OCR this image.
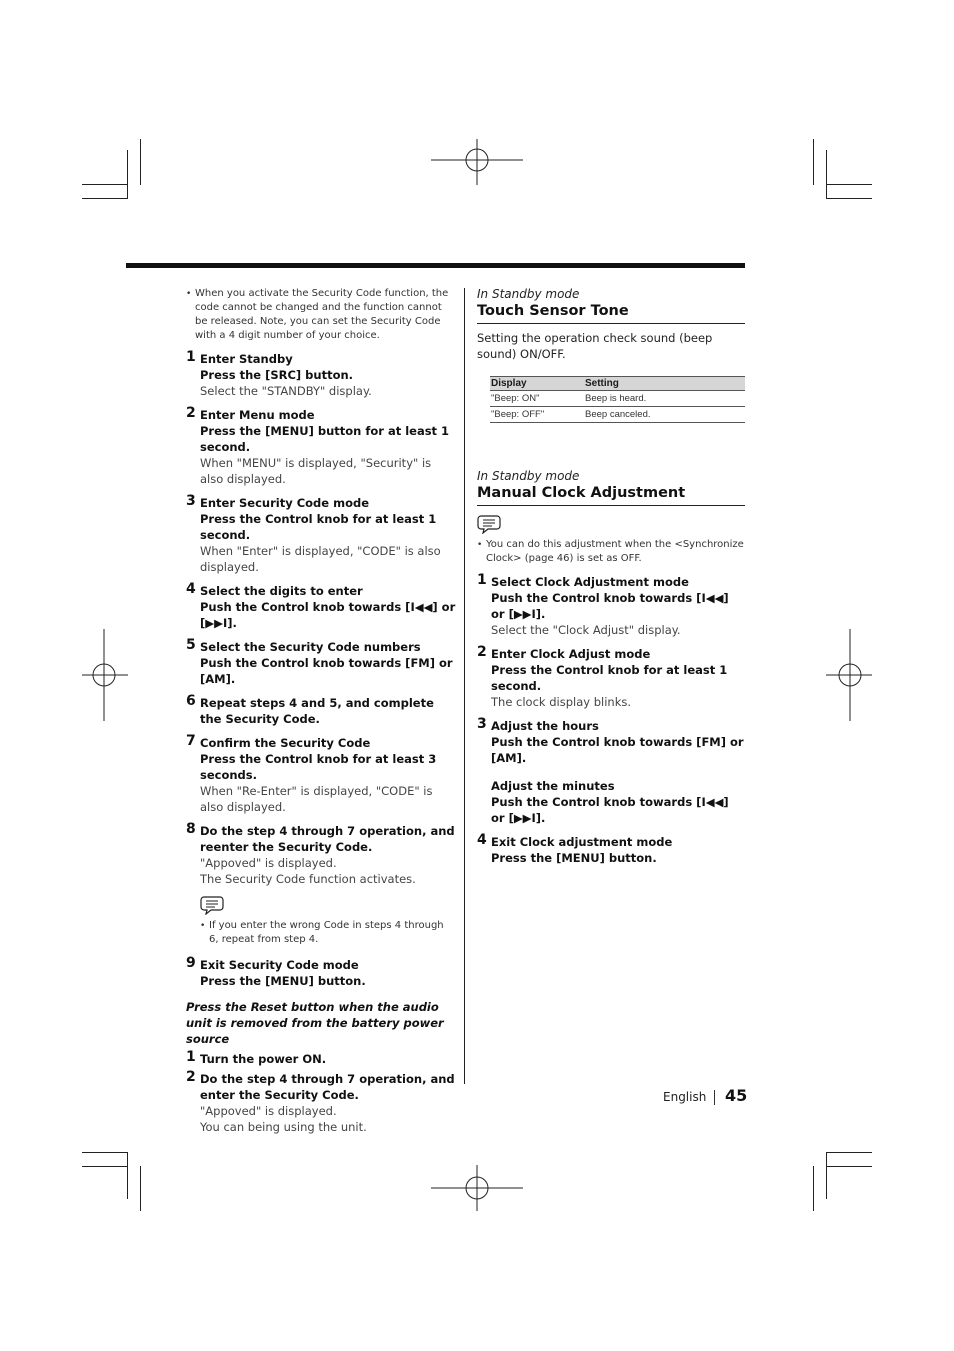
• When you activate the Security Code function, the code cannot be changed and the function cannot be released. Note, you can set the Security Code with a 4 digit number of your choice.
1 Enter Standby
Press the [SRC] button.
Select the "STANDBY" display.
2 Enter Menu mode
Press the [MENU] button for at least 1 second.
When "MENU" is displayed, "Security" is also displayed.
3 Enter Security Code mode
Press the Control knob for at least 1 second.
When "Enter" is displayed, "CODE" is also displayed.
4 Select the digits to enter
Push the Control knob towards [I◀◀] or [▶▶I].
5 Select the Security Code numbers
Push the Control knob towards [FM] or [AM].
6 Repeat steps 4 and 5, and complete the Security Code.
7 Confirm the Security Code
Press the Control knob for at least 3 seconds.
When "Re-Enter" is displayed, "CODE" is also displayed.
8 Do the step 4 through 7 operation, and reenter the Security Code.
"Appoved" is displayed.
The Security Code function activates.
• If you enter the wrong Code in steps 4 through 6, repeat from step 4.
9 Exit Security Code mode
Press the [MENU] button.
Press the Reset button when the audio unit is removed from the battery power source
1 Turn the power ON.
2 Do the step 4 through 7 operation, and enter the Security Code.
"Appoved" is displayed.
You can being using the unit.
In Standby mode
Touch Sensor Tone
Setting the operation check sound (beep sound) ON/OFF.
Display	Setting
"Beep: ON"	Beep is heard.
"Beep: OFF"	Beep canceled.
In Standby mode
Manual Clock Adjustment
• You can do this adjustment when the <Synchronize Clock> (page 46) is set as OFF.
1 Select Clock Adjustment mode
Push the Control knob towards [I◀◀] or [▶▶I].
Select the "Clock Adjust" display.
2 Enter Clock Adjust mode
Press the Control knob for at least 1 second.
The clock display blinks.
3 Adjust the hours
Push the Control knob towards [FM] or [AM].
Adjust the minutes
Push the Control knob towards [I◀◀] or [▶▶I].
4 Exit Clock adjustment mode
Press the [MENU] button.
English 45
